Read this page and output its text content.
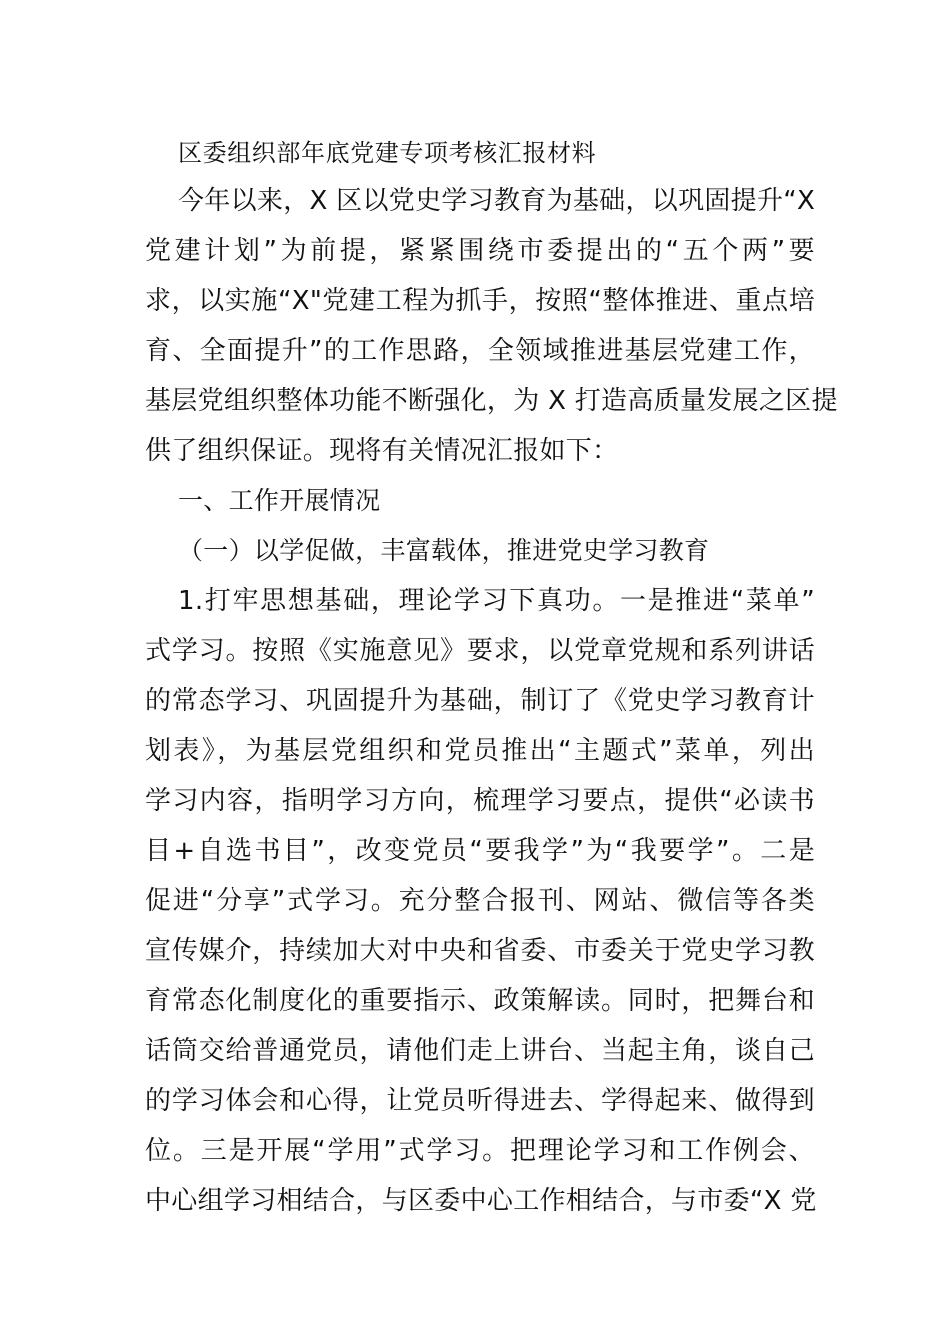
区委组织部年底党建专项考核汇报材料
今年以来，X 区以党史学习教育为基础，以巩固提升“X
党建计划”为前提，紧紧围绕市委提出的“五个两”要
求，以实施“X"党建工程为抓手，按照“整体推进、重点培
育、全面提升”的工作思路，全领域推进基层党建工作，
基层党组织整体功能不断强化，为 X 打造高质量发展之区提
供了组织保证。现将有关情况汇报如下：
一、工作开展情况
（一）以学促做，丰富载体，推进党史学习教育
1.打牢思想基础，理论学习下真功。一是推进“菜单”
式学习。按照《实施意见》要求，以党章党规和系列讲话
的常态学习、巩固提升为基础，制订了《党史学习教育计
划表》，为基层党组织和党员推出“主题式”菜单，列出
学习内容，指明学习方向，梳理学习要点，提供“必读书
目+自选书目”，改变党员“要我学”为“我要学”。二是
促进“分享”式学习。充分整合报刊、网站、微信等各类
宣传媒介，持续加大对中央和省委、市委关于党史学习教
育常态化制度化的重要指示、政策解读。同时，把舞台和
话筒交给普通党员，请他们走上讲台、当起主角，谈自己
的学习体会和心得，让党员听得进去、学得起来、做得到
位。三是开展“学用”式学习。把理论学习和工作例会、
中心组学习相结合，与区委中心工作相结合，与市委“X 党
